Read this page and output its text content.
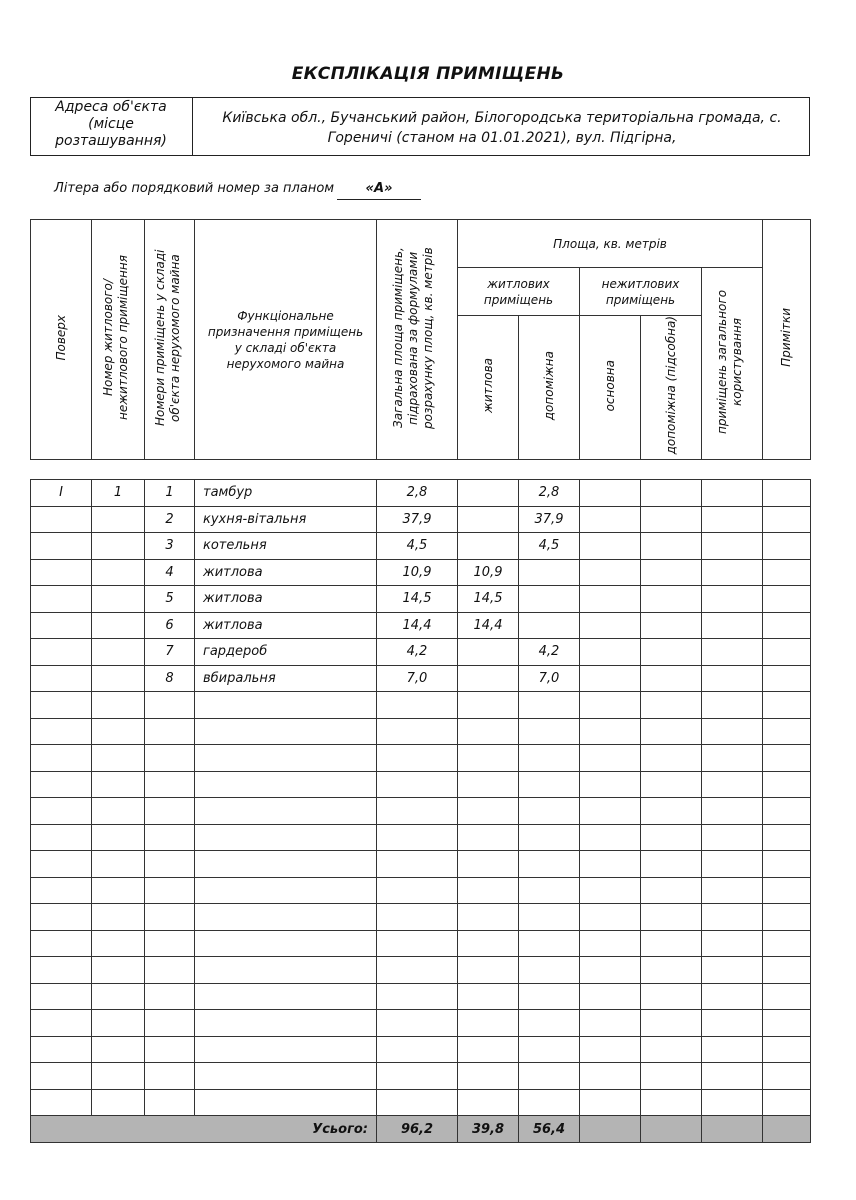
ЕКСПЛІКАЦІЯ ПРИМІЩЕНЬ
Адреса об'єкта (місце розташування)
Київська обл., Бучанський район, Білогородська територіальна громада, с. Гореничі (станом на 01.01.2021), вул. Підгірна,
Літера або порядковий номер за планом	«А»
Поверх	Номер житлового/ нежитлового приміщення	Номери приміщень у складі об'єкта нерухомого майна	Функціональне призначення приміщень у складі об'єкта нерухомого майна	Загальна площа приміщень, підрахована за формулами розрахунку площ, кв. метрів	Площа, кв. метрів					Примітки
					житлових приміщень		нежитлових приміщень		приміщень загального користування	
					житлова	допоміжна	основна	допоміжна (підсобна)		
I	1	1	тамбур	2,8		2,8				
		2	кухня-вітальня	37,9		37,9				
		3	котельня	4,5		4,5				
		4	житлова	10,9	10,9					
		5	житлова	14,5	14,5					
		6	житлова	14,4	14,4					
		7	гардероб	4,2		4,2				
		8	вбиральня	7,0		7,0				

Усього:				96,2	39,8	56,4				
